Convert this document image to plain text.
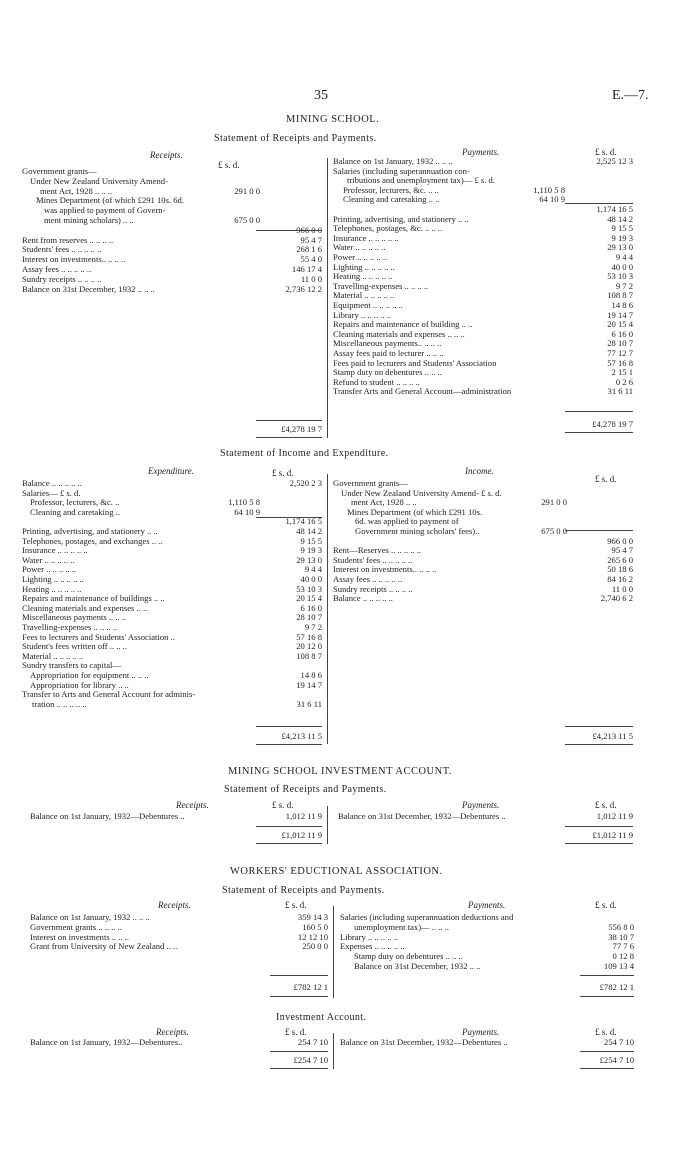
35	E.—7.
MINING SCHOOL.
Statement of Receipts and Payments.
Receipts.	Payments.
£ s. d.
£ s. d.
Government grants—
Under New Zealand University Amend-
ment Act, 1928 .. .. ..	291 0 0
Mines Department (of which £291 10s. 6d.
was applied to payment of Govern-
ment mining scholars) .. ..	675 0 0
966 0 0
Rent from reserves .. .. .. ..	95 4 7
Students' fees .. .. .. .. ..	268 1 6
Interest on investments.. .. .. ..	55 4 0
Assay fees .. .. .. .. ..	146 17 4
Sundry receipts .. .. .. ..	11 0 0
Balance on 31st December, 1932 .. .. ..	2,736 12 2
Balance on 1st January, 1932 .. .. ..	2,525 12 3
Salaries (including superannuation con-
tributions and unemployment tax)— £ s. d.
Professor, lecturers, &c. .. ..	1,110 5 8
Cleaning and caretaking .. ..	64 10 9
1,174 16 5
Printing, advertising, and stationery .. ..	48 14 2
Telephones, postages, &c. .. .. ..	9 15 5
Insurance .. .. .. .. ..	9 19 3
Water .. .. .. .. ..	29 13 0
Power .. .. .. .. ..	9 4 4
Lighting .. .. .. .. ..	40 0 0
Heating .. .. .. .. ..	53 10 3
Travelling-expenses .. .. .. ..	9 7 2
Material .. .. .. .. ..	108 8 7
Equipment .. .. .. .. ..	14 8 6
Library .. .. .. .. ..	19 14 7
Repairs and maintenance of building .. ..	20 15 4
Cleaning materials and expenses .. .. ..	6 16 0
Miscellaneous payments.. .. .. ..	28 10 7
Assay fees paid to lecturer .. .. ..	77 12 7
Fees paid to lecturers and Students' Association	57 16 8
Stamp duty on debentures .. .. ..	2 15 1
Refund to student .. .. .. ..	0 2 6
Transfer Arts and General Account—administration	31 6 11
£4,278 19 7	£4,278 19 7
Statement of Income and Expenditure.
Expenditure.	Income.
£ s. d.
£ s. d.
Balance .. .. .. .. ..	2,520 2 3
Salaries— £ s. d.
Professor, lecturers, &c. ..	1,110 5 8
Cleaning and caretaking ..	64 10 9
1,174 16 5
Printing, advertising, and stationery .. ..	48 14 2
Telephones, postages, and exchanges .. ..	9 15 5
Insurance .. .. .. .. ..	9 19 3
Water .. .. .. .. ..	29 13 0
Power .. .. .. .. ..	9 4 4
Lighting .. .. .. .. ..	40 0 0
Heating .. .. .. .. ..	53 10 3
Repairs and maintenance of buildings .. ..	20 15 4
Cleaning materials and expenses .. ..	6 16 0
Miscellaneous payments .. .. ..	28 10 7
Travelling-expenses .. .. .. ..	9 7 2
Fees to lecturers and Students' Association ..	57 16 8
Student's fees written off .. .. ..	20 12 0
Material .. .. .. .. ..	108 8 7
Sundry transfers to capital—
Appropriation for equipment .. .. ..	14 8 6
Appropriation for library .. ..	19 14 7
Transfer to Arts and General Account for adminis-
tration .. .. .. .. ..	31 6 11
Government grants—
Under New Zealand University Amend- £ s. d.
ment Act, 1928 .. ..	291 0 0
Mines Department (of which £291 10s.
6d. was applied to payment of
Government mining scholars' fees)..	675 0 0
966 0 0
Rent—Reserves .. .. .. .. ..	95 4 7
Students' fees .. .. .. .. ..	265 6 0
Interest on investments.. .. .. ..	50 18 6
Assay fees .. .. .. .. ..	84 16 2
Sundry receipts .. .. .. ..	11 0 0
Balance .. .. .. .. ..	2,740 6 2
£4,213 11 5	£4,213 11 5
MINING SCHOOL INVESTMENT ACCOUNT.
Statement of Receipts and Payments.
Receipts.	Payments.
£ s. d.	£ s. d.
Balance on 1st January, 1932—Debentures ..	1,012 11 9 Balance on 31st December, 1932—Debentures ..	1,012 11 9
£1,012 11 9	£1,012 11 9
WORKERS' EDUCTIONAL ASSOCIATION.
Statement of Receipts and Payments.
Receipts.	Payments.
£ s. d.	£ s. d.
Balance on 1st January, 1932 .. .. ..	359 14 3
Government grants .. .. .. ..	160 5 0
Interest on investments .. .. ..	12 12 10
Grant from University of New Zealand .. ..	250 0 0
Salaries (including superannuation deductions and
unemployment tax)— .. .. ..	556 8 0
Library .. .. .. .. ..	38 10 7
Expenses .. .. .. .. ..	77 7 6
Stamp duty on debentures .. .. ..	0 12 8
Balance on 31st December, 1932 .. ..	109 13 4
£782 12 1	£782 12 1
Investment Account.
Receipts.	Payments.
£ s. d.	£ s. d.
Balance on 1st January, 1932—Debentures..	254 7 10 Balance on 31st December, 1932—Debentures ..	254 7 10
£254 7 10	£254 7 10
